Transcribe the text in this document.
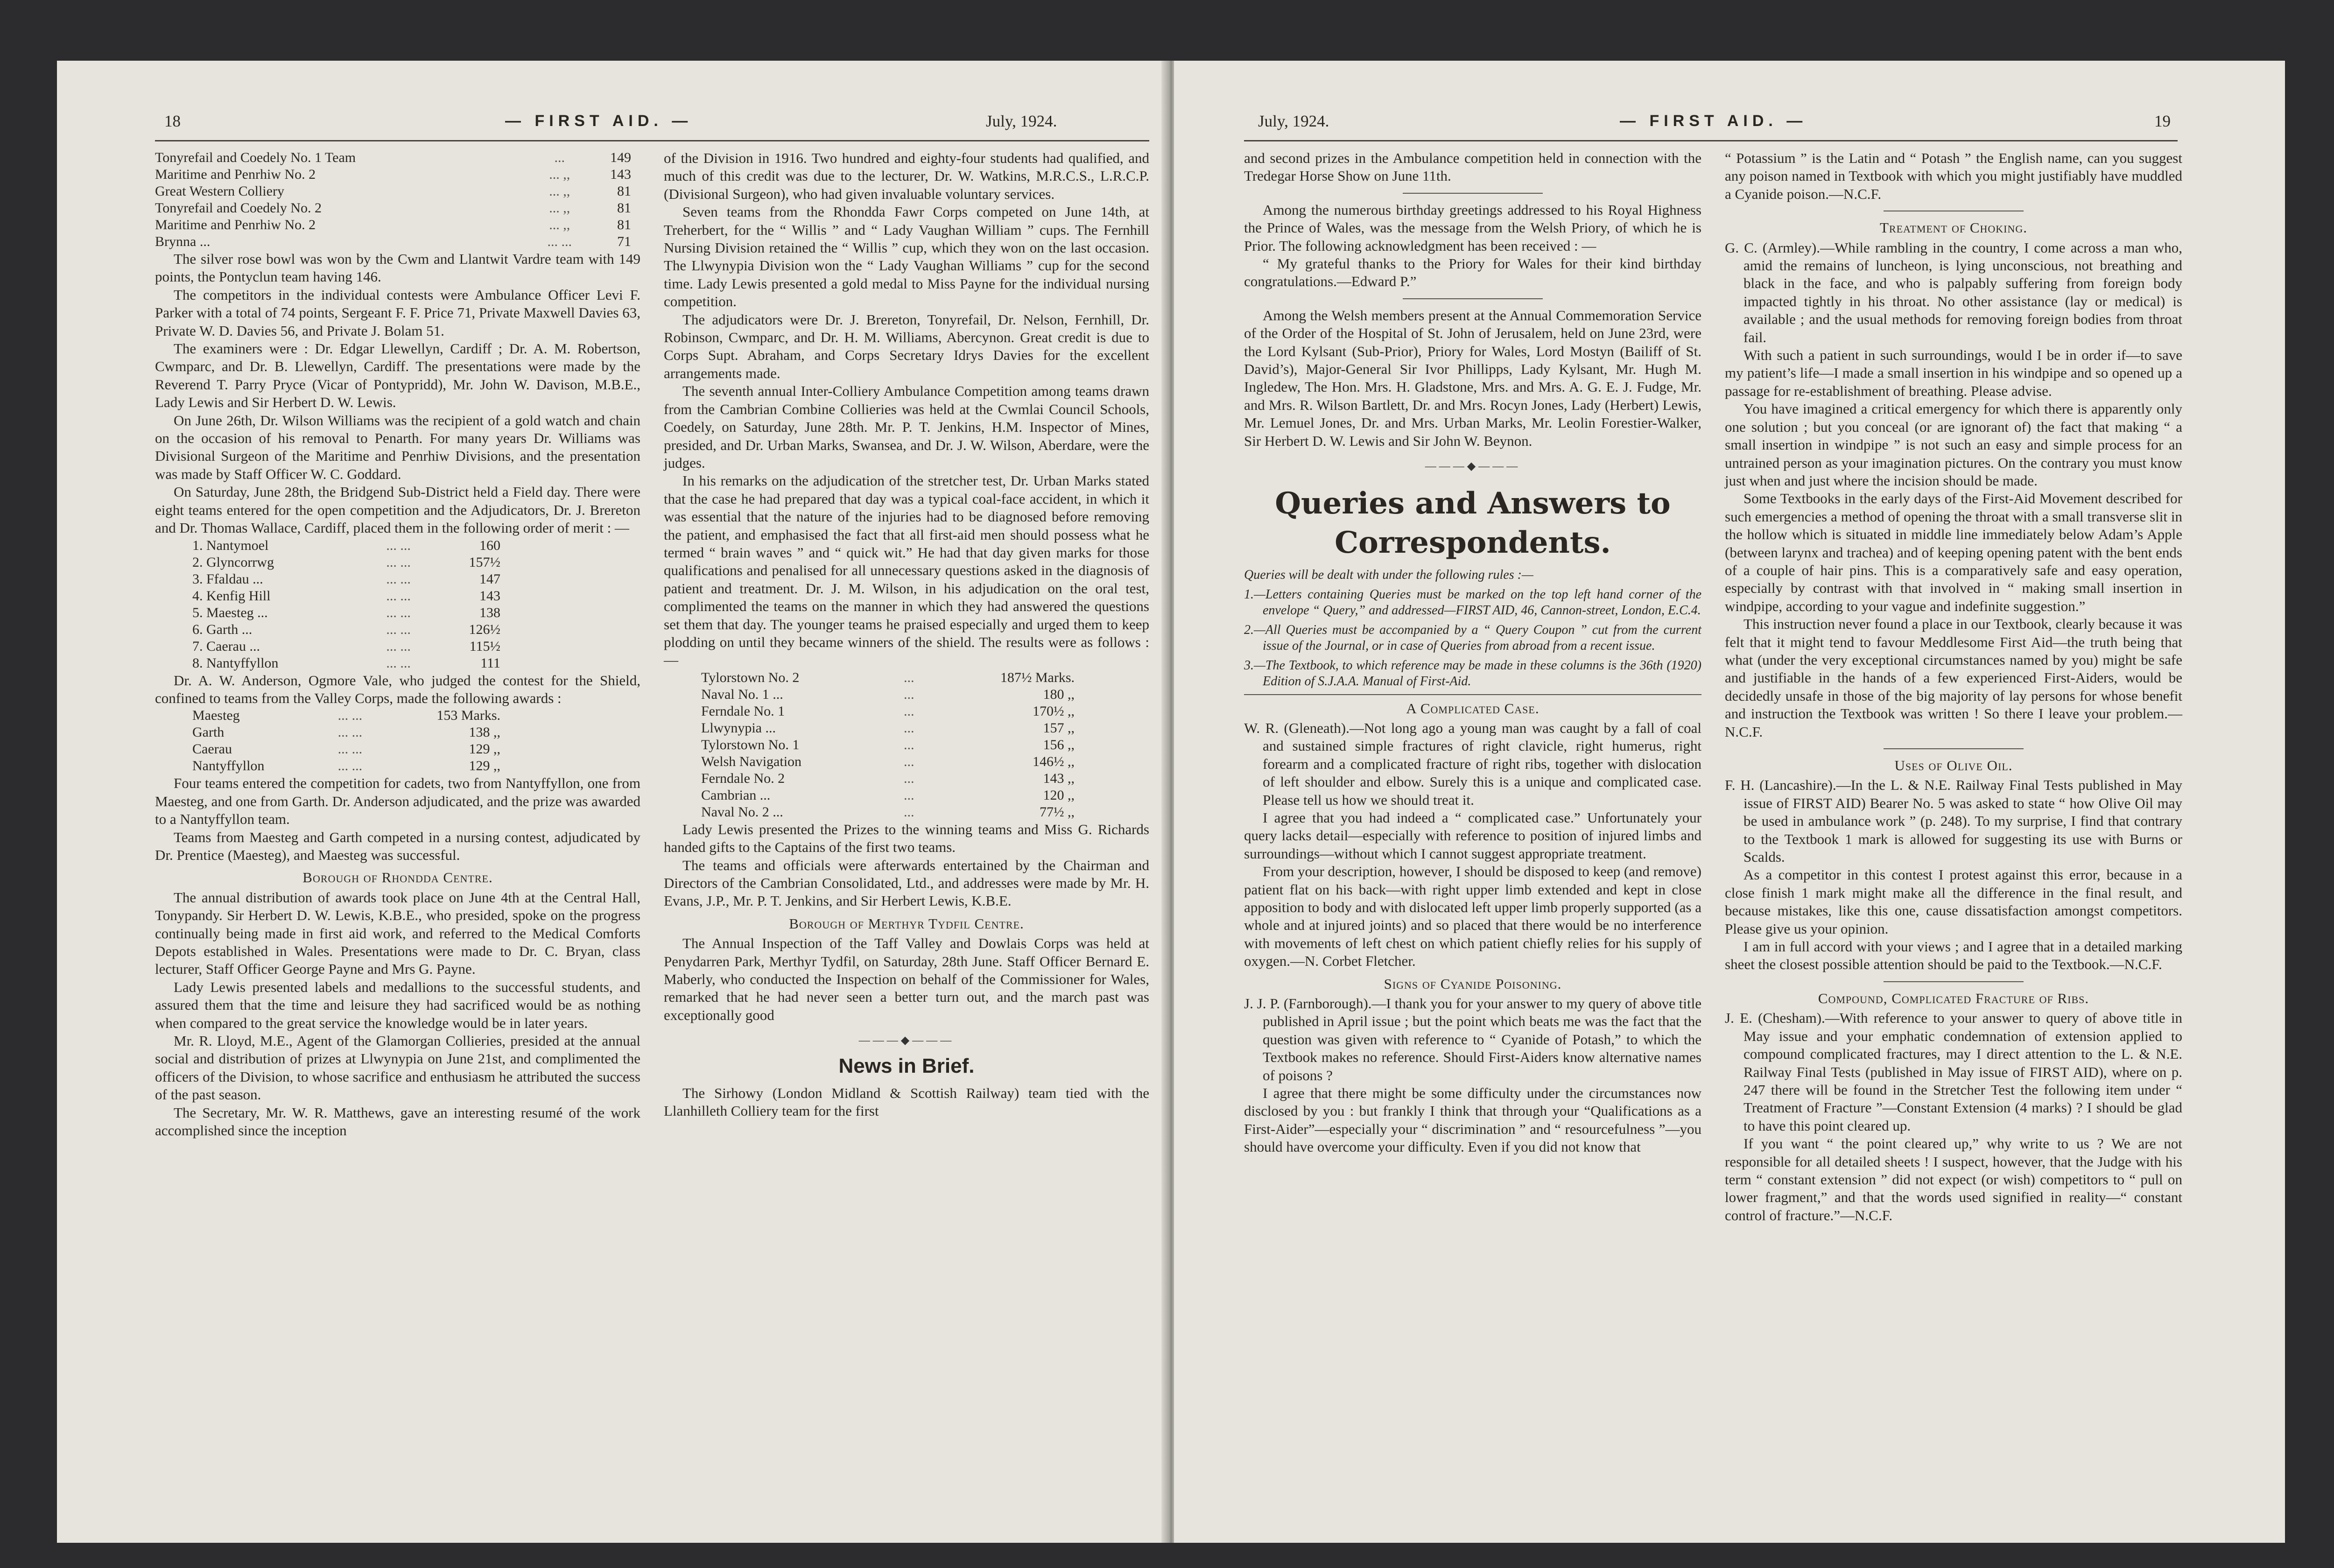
18	— FIRST AID. —	July, 1924.
Tonyrefail and Coedely No. 1 Team	...	149
Maritime and Penrhiw No. 2	... ,,	143
Great Western Colliery	... ,,	81
Tonyrefail and Coedely No. 2	... ,,	81
Maritime and Penrhiw No. 2	... ,,	81
Brynna ...	... ...	71

The silver rose bowl was won by the Cwm and Llantwit Vardre team with 149 points, the Pontyclun team having 146.

The competitors in the individual contests were Ambulance Officer Levi F. Parker with a total of 74 points, Sergeant F. F. Price 71, Private Maxwell Davies 63, Private W. D. Davies 56, and Private J. Bolam 51.

The examiners were : Dr. Edgar Llewellyn, Cardiff ; Dr. A. M. Robertson, Cwmparc, and Dr. B. Llewellyn, Cardiff. The presentations were made by the Reverend T. Parry Pryce (Vicar of Pontypridd), Mr. John W. Davison, M.B.E., Lady Lewis and Sir Herbert D. W. Lewis.

On June 26th, Dr. Wilson Williams was the recipient of a gold watch and chain on the occasion of his removal to Penarth. For many years Dr. Williams was Divisional Surgeon of the Maritime and Penrhiw Divisions, and the presentation was made by Staff Officer W. C. Goddard.

On Saturday, June 28th, the Bridgend Sub-District held a Field day. There were eight teams entered for the open competition and the Adjudicators, Dr. J. Brereton and Dr. Thomas Wallace, Cardiff, placed them in the following order of merit : —

1. Nantymoel	... ...	160
2. Glyncorrwg	... ...	157½
3. Ffaldau ...	... ...	147
4. Kenfig Hill	... ...	143
5. Maesteg ...	... ...	138
6. Garth ...	... ...	126½
7. Caerau ...	... ...	115½
8. Nantyffyllon	... ...	111

Dr. A. W. Anderson, Ogmore Vale, who judged the contest for the Shield, confined to teams from the Valley Corps, made the following awards :

Maesteg	... ...	153 Marks.
Garth	... ...	138 ,,
Caerau	... ...	129 ,,
Nantyffyllon	... ...	129 ,,

Four teams entered the competition for cadets, two from Nantyffyllon, one from Maesteg, and one from Garth. Dr. Anderson adjudicated, and the prize was awarded to a Nantyffyllon team.

Teams from Maesteg and Garth competed in a nursing contest, adjudicated by Dr. Prentice (Maesteg), and Maesteg was successful.

Borough of Rhondda Centre.

The annual distribution of awards took place on June 4th at the Central Hall, Tonypandy. Sir Herbert D. W. Lewis, K.B.E., who presided, spoke on the progress continually being made in first aid work, and referred to the Medical Comforts Depots established in Wales. Presentations were made to Dr. C. Bryan, class lecturer, Staff Officer George Payne and Mrs G. Payne.

Lady Lewis presented labels and medallions to the successful students, and assured them that the time and leisure they had sacrificed would be as nothing when compared to the great service the knowledge would be in later years.

Mr. R. Lloyd, M.E., Agent of the Glamorgan Collieries, presided at the annual social and distribution of prizes at Llwynypia on June 21st, and complimented the officers of the Division, to whose sacrifice and enthusiasm he attributed the success of the past season.

The Secretary, Mr. W. R. Matthews, gave an interesting resumé of the work accomplished since the inception

of the Division in 1916. Two hundred and eighty-four students had qualified, and much of this credit was due to the lecturer, Dr. W. Watkins, M.R.C.S., L.R.C.P. (Divisional Surgeon), who had given invaluable voluntary services.

Seven teams from the Rhondda Fawr Corps competed on June 14th, at Treherbert, for the “ Willis ” and “ Lady Vaughan William ” cups. The Fernhill Nursing Division retained the “ Willis ” cup, which they won on the last occasion. The Llwynypia Division won the “ Lady Vaughan Williams ” cup for the second time. Lady Lewis presented a gold medal to Miss Payne for the individual nursing competition.

The adjudicators were Dr. J. Brereton, Tonyrefail, Dr. Nelson, Fernhill, Dr. Robinson, Cwmparc, and Dr. H. M. Williams, Abercynon. Great credit is due to Corps Supt. Abraham, and Corps Secretary Idrys Davies for the excellent arrangements made.

The seventh annual Inter-Colliery Ambulance Competition among teams drawn from the Cambrian Combine Collieries was held at the Cwmlai Council Schools, Coedely, on Saturday, June 28th. Mr. P. T. Jenkins, H.M. Inspector of Mines, presided, and Dr. Urban Marks, Swansea, and Dr. J. W. Wilson, Aberdare, were the judges.

In his remarks on the adjudication of the stretcher test, Dr. Urban Marks stated that the case he had prepared that day was a typical coal-face accident, in which it was essential that the nature of the injuries had to be diagnosed before removing the patient, and emphasised the fact that all first-aid men should possess what he termed “ brain waves ” and “ quick wit.” He had that day given marks for those qualifications and penalised for all unnecessary questions asked in the diagnosis of patient and treatment. Dr. J. M. Wilson, in his adjudication on the oral test, complimented the teams on the manner in which they had answered the questions set them that day. The younger teams he praised especially and urged them to keep plodding on until they became winners of the shield. The results were as follows : —

Tylorstown No. 2	...	187½ Marks.
Naval No. 1 ...	...	180 ,,
Ferndale No. 1	...	170½ ,,
Llwynypia ...	...	157 ,,
Tylorstown No. 1	...	156 ,,
Welsh Navigation	...	146½ ,,
Ferndale No. 2	...	143 ,,
Cambrian ...	...	120 ,,
Naval No. 2 ...	...	77½ ,,

Lady Lewis presented the Prizes to the winning teams and Miss G. Richards handed gifts to the Captains of the first two teams.

The teams and officials were afterwards entertained by the Chairman and Directors of the Cambrian Consolidated, Ltd., and addresses were made by Mr. H. Evans, J.P., Mr. P. T. Jenkins, and Sir Herbert Lewis, K.B.E.

Borough of Merthyr Tydfil Centre.

The Annual Inspection of the Taff Valley and Dowlais Corps was held at Penydarren Park, Merthyr Tydfil, on Saturday, 28th June. Staff Officer Bernard E. Maberly, who conducted the Inspection on behalf of the Commissioner for Wales, remarked that he had never seen a better turn out, and the march past was exceptionally good

———◆———
News in Brief.

The Sirhowy (London Midland & Scottish Railway) team tied with the Llanhilleth Colliery team for the first

July, 1924.	— FIRST AID. —	19

and second prizes in the Ambulance competition held in connection with the Tredegar Horse Show on June 11th.

Among the numerous birthday greetings addressed to his Royal Highness the Prince of Wales, was the message from the Welsh Priory, of which he is Prior. The following acknowledgment has been received : —

“ My grateful thanks to the Priory for Wales for their kind birthday congratulations.—Edward P.”

Among the Welsh members present at the Annual Commemoration Service of the Order of the Hospital of St. John of Jerusalem, held on June 23rd, were the Lord Kylsant (Sub-Prior), Priory for Wales, Lord Mostyn (Bailiff of St. David’s), Major-General Sir Ivor Phillipps, Lady Kylsant, Mr. Hugh M. Ingledew, The Hon. Mrs. H. Gladstone, Mrs. and Mrs. A. G. E. J. Fudge, Mr. and Mrs. R. Wilson Bartlett, Dr. and Mrs. Rocyn Jones, Lady (Herbert) Lewis, Mr. Lemuel Jones, Dr. and Mrs. Urban Marks, Mr. Leolin Forestier-Walker, Sir Herbert D. W. Lewis and Sir John W. Beynon.

———◆———
Queries and Answers to
Correspondents.

Queries will be dealt with under the following rules :—

1.—Letters containing Queries must be marked on the top left hand corner of the envelope “ Query,” and addressed—FIRST AID, 46, Cannon-street, London, E.C.4.

2.—All Queries must be accompanied by a “ Query Coupon ” cut from the current issue of the Journal, or in case of Queries from abroad from a recent issue.

3.—The Textbook, to which reference may be made in these columns is the 36th (1920) Edition of S.J.A.A. Manual of First-Aid.

A Complicated Case.

W. R. (Gleneath).—Not long ago a young man was caught by a fall of coal and sustained simple fractures of right clavicle, right humerus, right forearm and a complicated fracture of right ribs, together with dislocation of left shoulder and elbow. Surely this is a unique and complicated case. Please tell us how we should treat it.

I agree that you had indeed a “ complicated case.” Unfortunately your query lacks detail—especially with reference to position of injured limbs and surroundings—without which I cannot suggest appropriate treatment.

From your description, however, I should be disposed to keep (and remove) patient flat on his back—with right upper limb extended and kept in close apposition to body and with dislocated left upper limb properly supported (as a whole and at injured joints) and so placed that there would be no interference with movements of left chest on which patient chiefly relies for his supply of oxygen.—N. Corbet Fletcher.

Signs of Cyanide Poisoning.

J. J. P. (Farnborough).—I thank you for your answer to my query of above title published in April issue ; but the point which beats me was the fact that the question was given with reference to “ Cyanide of Potash,” to which the Textbook makes no reference. Should First-Aiders know alternative names of poisons ?

I agree that there might be some difficulty under the circumstances now disclosed by you : but frankly I think that through your “Qualifications as a First-Aider”—especially your “ discrimination ” and “ resourcefulness ”—you should have overcome your difficulty. Even if you did not know that

“ Potassium ” is the Latin and “ Potash ” the English name, can you suggest any poison named in Textbook with which you might justifiably have muddled a Cyanide poison.—N.C.F.

Treatment of Choking.

G. C. (Armley).—While rambling in the country, I come across a man who, amid the remains of luncheon, is lying unconscious, not breathing and black in the face, and who is palpably suffering from foreign body impacted tightly in his throat. No other assistance (lay or medical) is available ; and the usual methods for removing foreign bodies from throat fail.

With such a patient in such surroundings, would I be in order if—to save my patient’s life—I made a small insertion in his windpipe and so opened up a passage for re-establishment of breathing. Please advise.

You have imagined a critical emergency for which there is apparently only one solution ; but you conceal (or are ignorant of) the fact that making “ a small insertion in windpipe ” is not such an easy and simple process for an untrained person as your imagination pictures. On the contrary you must know just when and just where the incision should be made.

Some Textbooks in the early days of the First-Aid Movement described for such emergencies a method of opening the throat with a small transverse slit in the hollow which is situated in middle line immediately below Adam’s Apple (between larynx and trachea) and of keeping opening patent with the bent ends of a couple of hair pins. This is a comparatively safe and easy operation, especially by contrast with that involved in “ making small insertion in windpipe, according to your vague and indefinite suggestion.”

This instruction never found a place in our Textbook, clearly because it was felt that it might tend to favour Meddlesome First Aid—the truth being that what (under the very exceptional circumstances named by you) might be safe and justifiable in the hands of a few experienced First-Aiders, would be decidedly unsafe in those of the big majority of lay persons for whose benefit and instruction the Textbook was written ! So there I leave your problem.—N.C.F.

Uses of Olive Oil.

F. H. (Lancashire).—In the L. & N.E. Railway Final Tests published in May issue of FIRST AID) Bearer No. 5 was asked to state “ how Olive Oil may be used in ambulance work ” (p. 248). To my surprise, I find that contrary to the Textbook 1 mark is allowed for suggesting its use with Burns or Scalds.

As a competitor in this contest I protest against this error, because in a close finish 1 mark might make all the difference in the final result, and because mistakes, like this one, cause dissatisfaction amongst competitors. Please give us your opinion.

I am in full accord with your views ; and I agree that in a detailed marking sheet the closest possible attention should be paid to the Textbook.—N.C.F.

Compound, Complicated Fracture of Ribs.

J. E. (Chesham).—With reference to your answer to query of above title in May issue and your emphatic condemnation of extension applied to compound complicated fractures, may I direct attention to the L. & N.E. Railway Final Tests (published in May issue of FIRST AID), where on p. 247 there will be found in the Stretcher Test the following item under “ Treatment of Fracture ”—Constant Extension (4 marks) ? I should be glad to have this point cleared up.

If you want “ the point cleared up,” why write to us ? We are not responsible for all detailed sheets ! I suspect, however, that the Judge with his term “ constant extension ” did not expect (or wish) competitors to “ pull on lower fragment,” and that the words used signified in reality—“ constant control of fracture.”—N.C.F.
